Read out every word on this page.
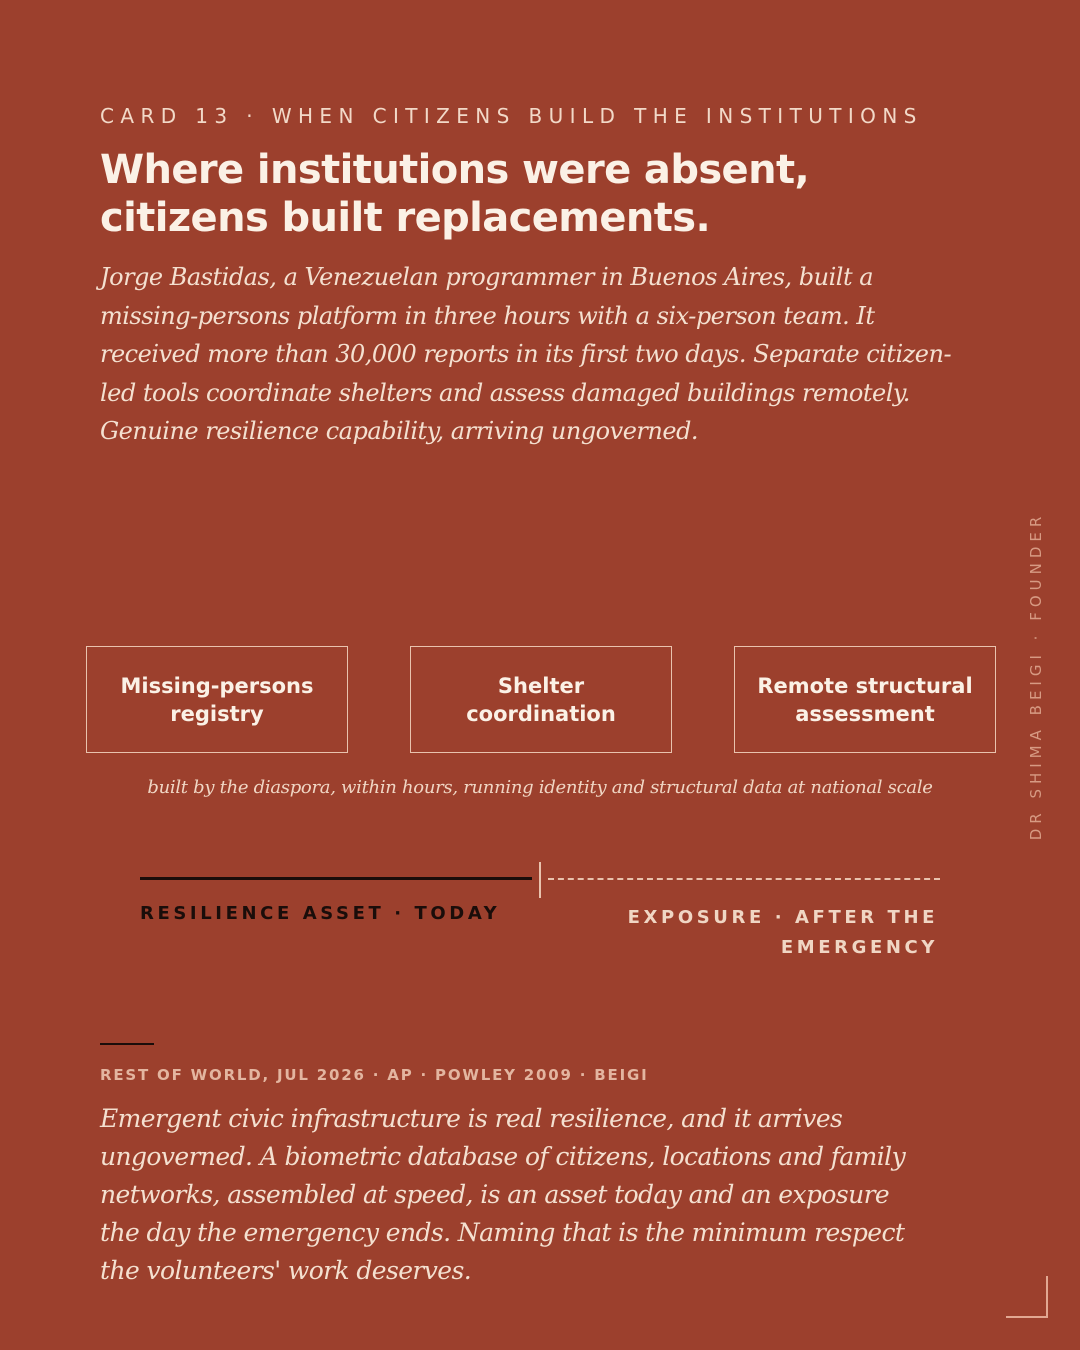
CARD 13 · WHEN CITIZENS BUILD THE INSTITUTIONS
Where institutions were absent,
citizens built replacements.
Jorge Bastidas, a Venezuelan programmer in Buenos Aires, built a
missing-persons platform in three hours with a six-person team. It
received more than 30,000 reports in its first two days. Separate citizen-
led tools coordinate shelters and assess damaged buildings remotely.
Genuine resilience capability, arriving ungoverned.
Missing-persons
registry
Shelter
coordination
Remote structural
assessment
built by the diaspora, within hours, running identity and structural data at national scale
RESILIENCE ASSET · TODAY	EXPOSURE · AFTER THE
EMERGENCY
REST OF WORLD, JUL 2026 · AP · POWLEY 2009 · BEIGI
Emergent civic infrastructure is real resilience, and it arrives
ungoverned. A biometric database of citizens, locations and family
networks, assembled at speed, is an asset today and an exposure
the day the emergency ends. Naming that is the minimum respect
the volunteers' work deserves.
DR SHIMA BEIGI · FOUNDER
